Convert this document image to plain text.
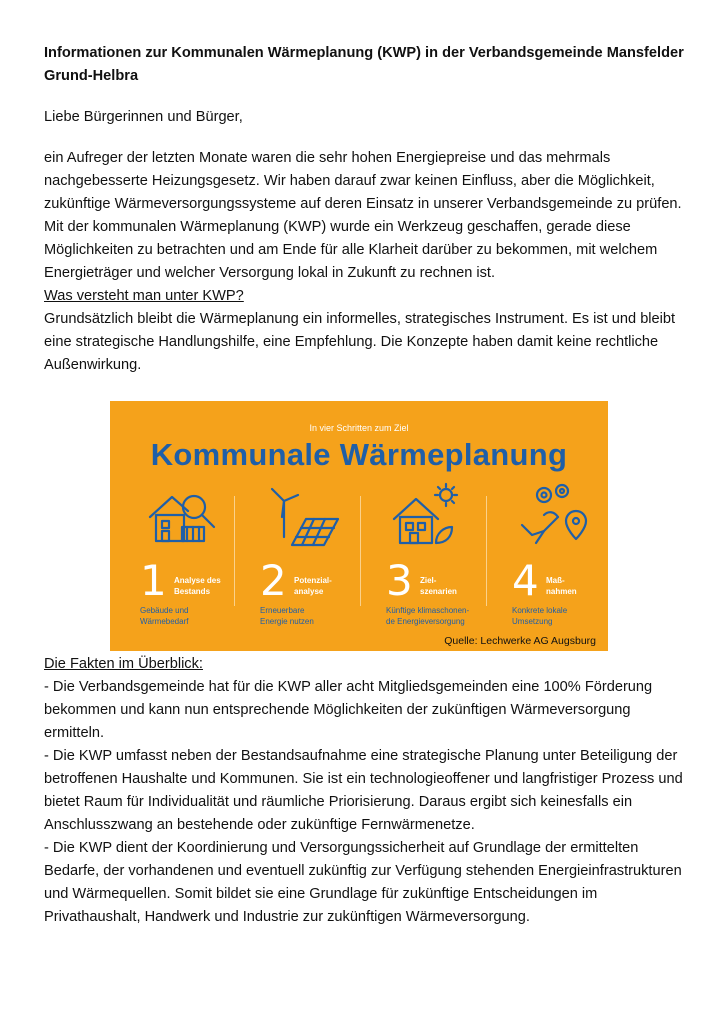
Informationen zur Kommunalen Wärmeplanung (KWP) in der Verbandsgemeinde Mansfelder Grund-Helbra

Liebe Bürgerinnen und Bürger,

ein Aufreger der letzten Monate waren die sehr hohen Energiepreise und das mehrmals nachgebesserte Heizungsgesetz. Wir haben darauf zwar keinen Einfluss, aber die Möglichkeit, zukünftige Wärmeversorgungssysteme auf deren Einsatz in unserer Verbandsgemeinde zu prüfen. Mit der kommunalen Wärmeplanung (KWP) wurde ein Werkzeug geschaffen, gerade diese Möglichkeiten zu betrachten und am Ende für alle Klarheit darüber zu bekommen, mit welchem Energieträger und welcher Versorgung lokal in Zukunft zu rechnen ist.

Was versteht man unter KWP?

Grundsätzlich bleibt die Wärmeplanung ein informelles, strategisches Instrument. Es ist und bleibt eine strategische Handlungshilfe, eine Empfehlung. Die Konzepte haben damit keine rechtliche Außenwirkung.

In vier Schritten zum Ziel
Kommunale Wärmeplanung
1 Analyse des
Bestands
Gebäude und
Wärmebedarf
2 Potenzial-
analyse
Erneuerbare
Energie nutzen
3 Ziel-
szenarien
Künftige klimaschonen-
de Energieversorgung
4 Maß-
nahmen
Konkrete lokale
Umsetzung
Quelle: Lechwerke AG Augsburg

Die Fakten im Überblick:

- Die Verbandsgemeinde hat für die KWP aller acht Mitgliedsgemeinden eine 100% Förderung bekommen und kann nun entsprechende Möglichkeiten der zukünftigen Wärmeversorgung ermitteln.

- Die KWP umfasst neben der Bestandsaufnahme eine strategische Planung unter Beteiligung der betroffenen Haushalte und Kommunen. Sie ist ein technologieoffener und langfristiger Prozess und bietet Raum für Individualität und räumliche Priorisierung. Daraus ergibt sich keinesfalls ein Anschlusszwang an bestehende oder zukünftige Fernwärmenetze.

- Die KWP dient der Koordinierung und Versorgungssicherheit auf Grundlage der ermittelten Bedarfe, der vorhandenen und eventuell zukünftig zur Verfügung stehenden Energieinfrastrukturen und Wärmequellen. Somit bildet sie eine Grundlage für zukünftige Entscheidungen im Privathaushalt, Handwerk und Industrie zur zukünftigen Wärmeversorgung.
